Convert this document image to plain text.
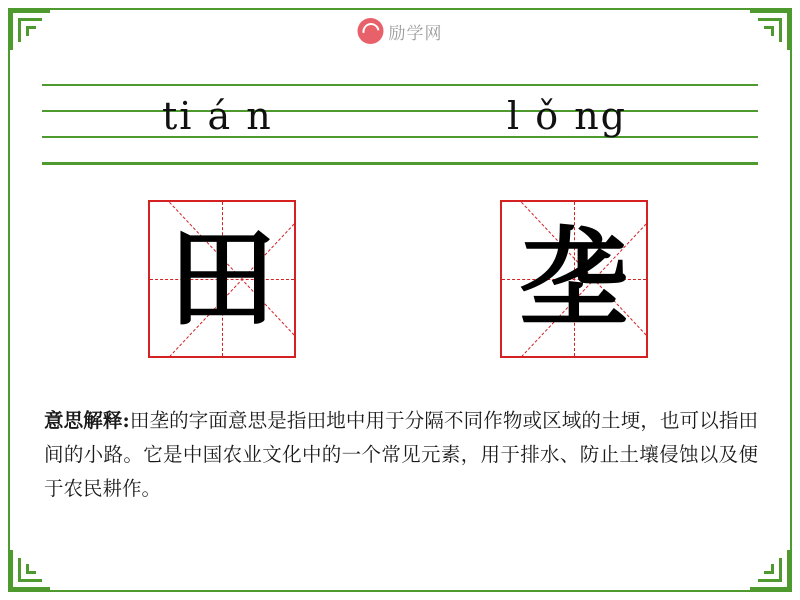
励学网
ti á n	l ǒ ng
田 垄
意思解释:田垄的字面意思是指田地中用于分隔不同作物或区域的土埂，也可以指田间的小路。它是中国农业文化中的一个常见元素，用于排水、防止土壤侵蚀以及便于农民耕作。
